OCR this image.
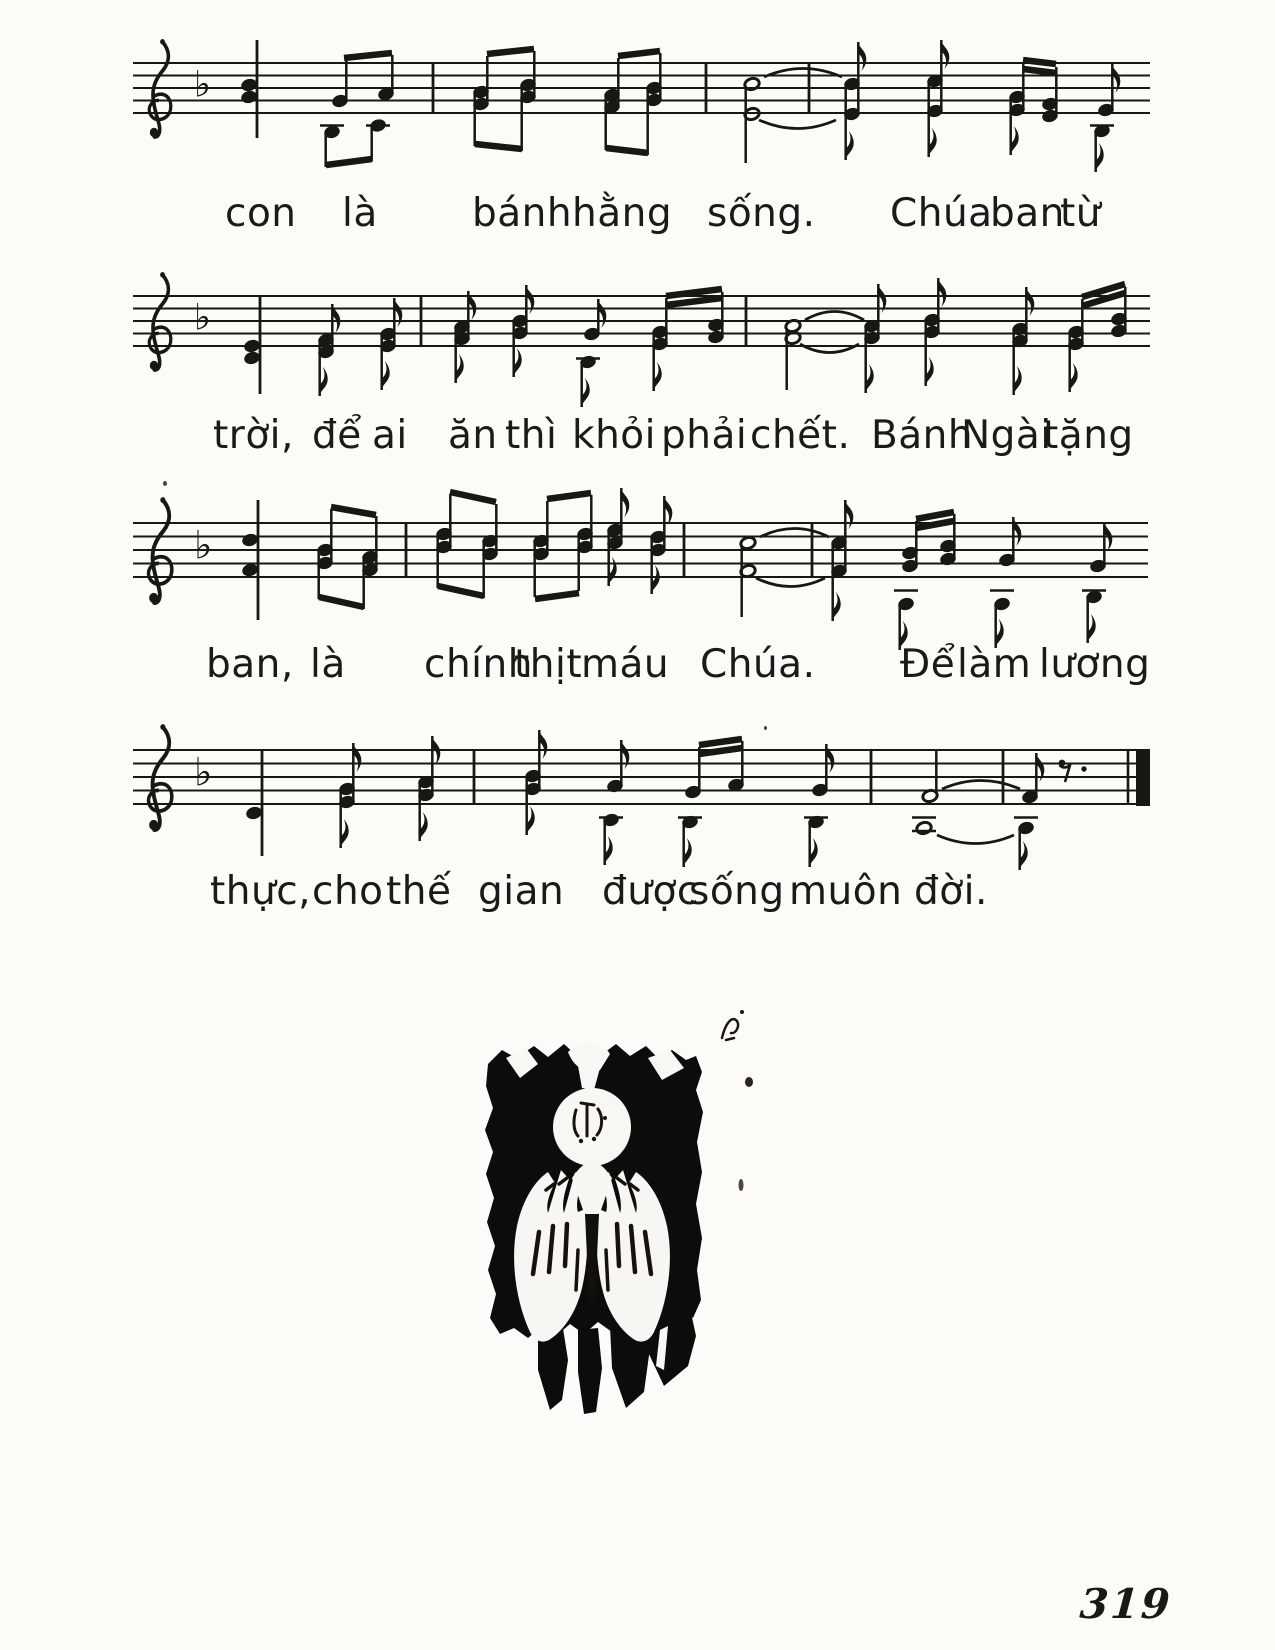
♭
♭
♭
♭
con là bánh hằng sống. Chúa
ban
từ
trời, để ai ăn thì khỏi phải chết. Bánh
Ngài
tặng
ban, là chính
thịt
máu Chúa. Để làm lương
thực, cho thế gian được
sống muôn đời.
319
